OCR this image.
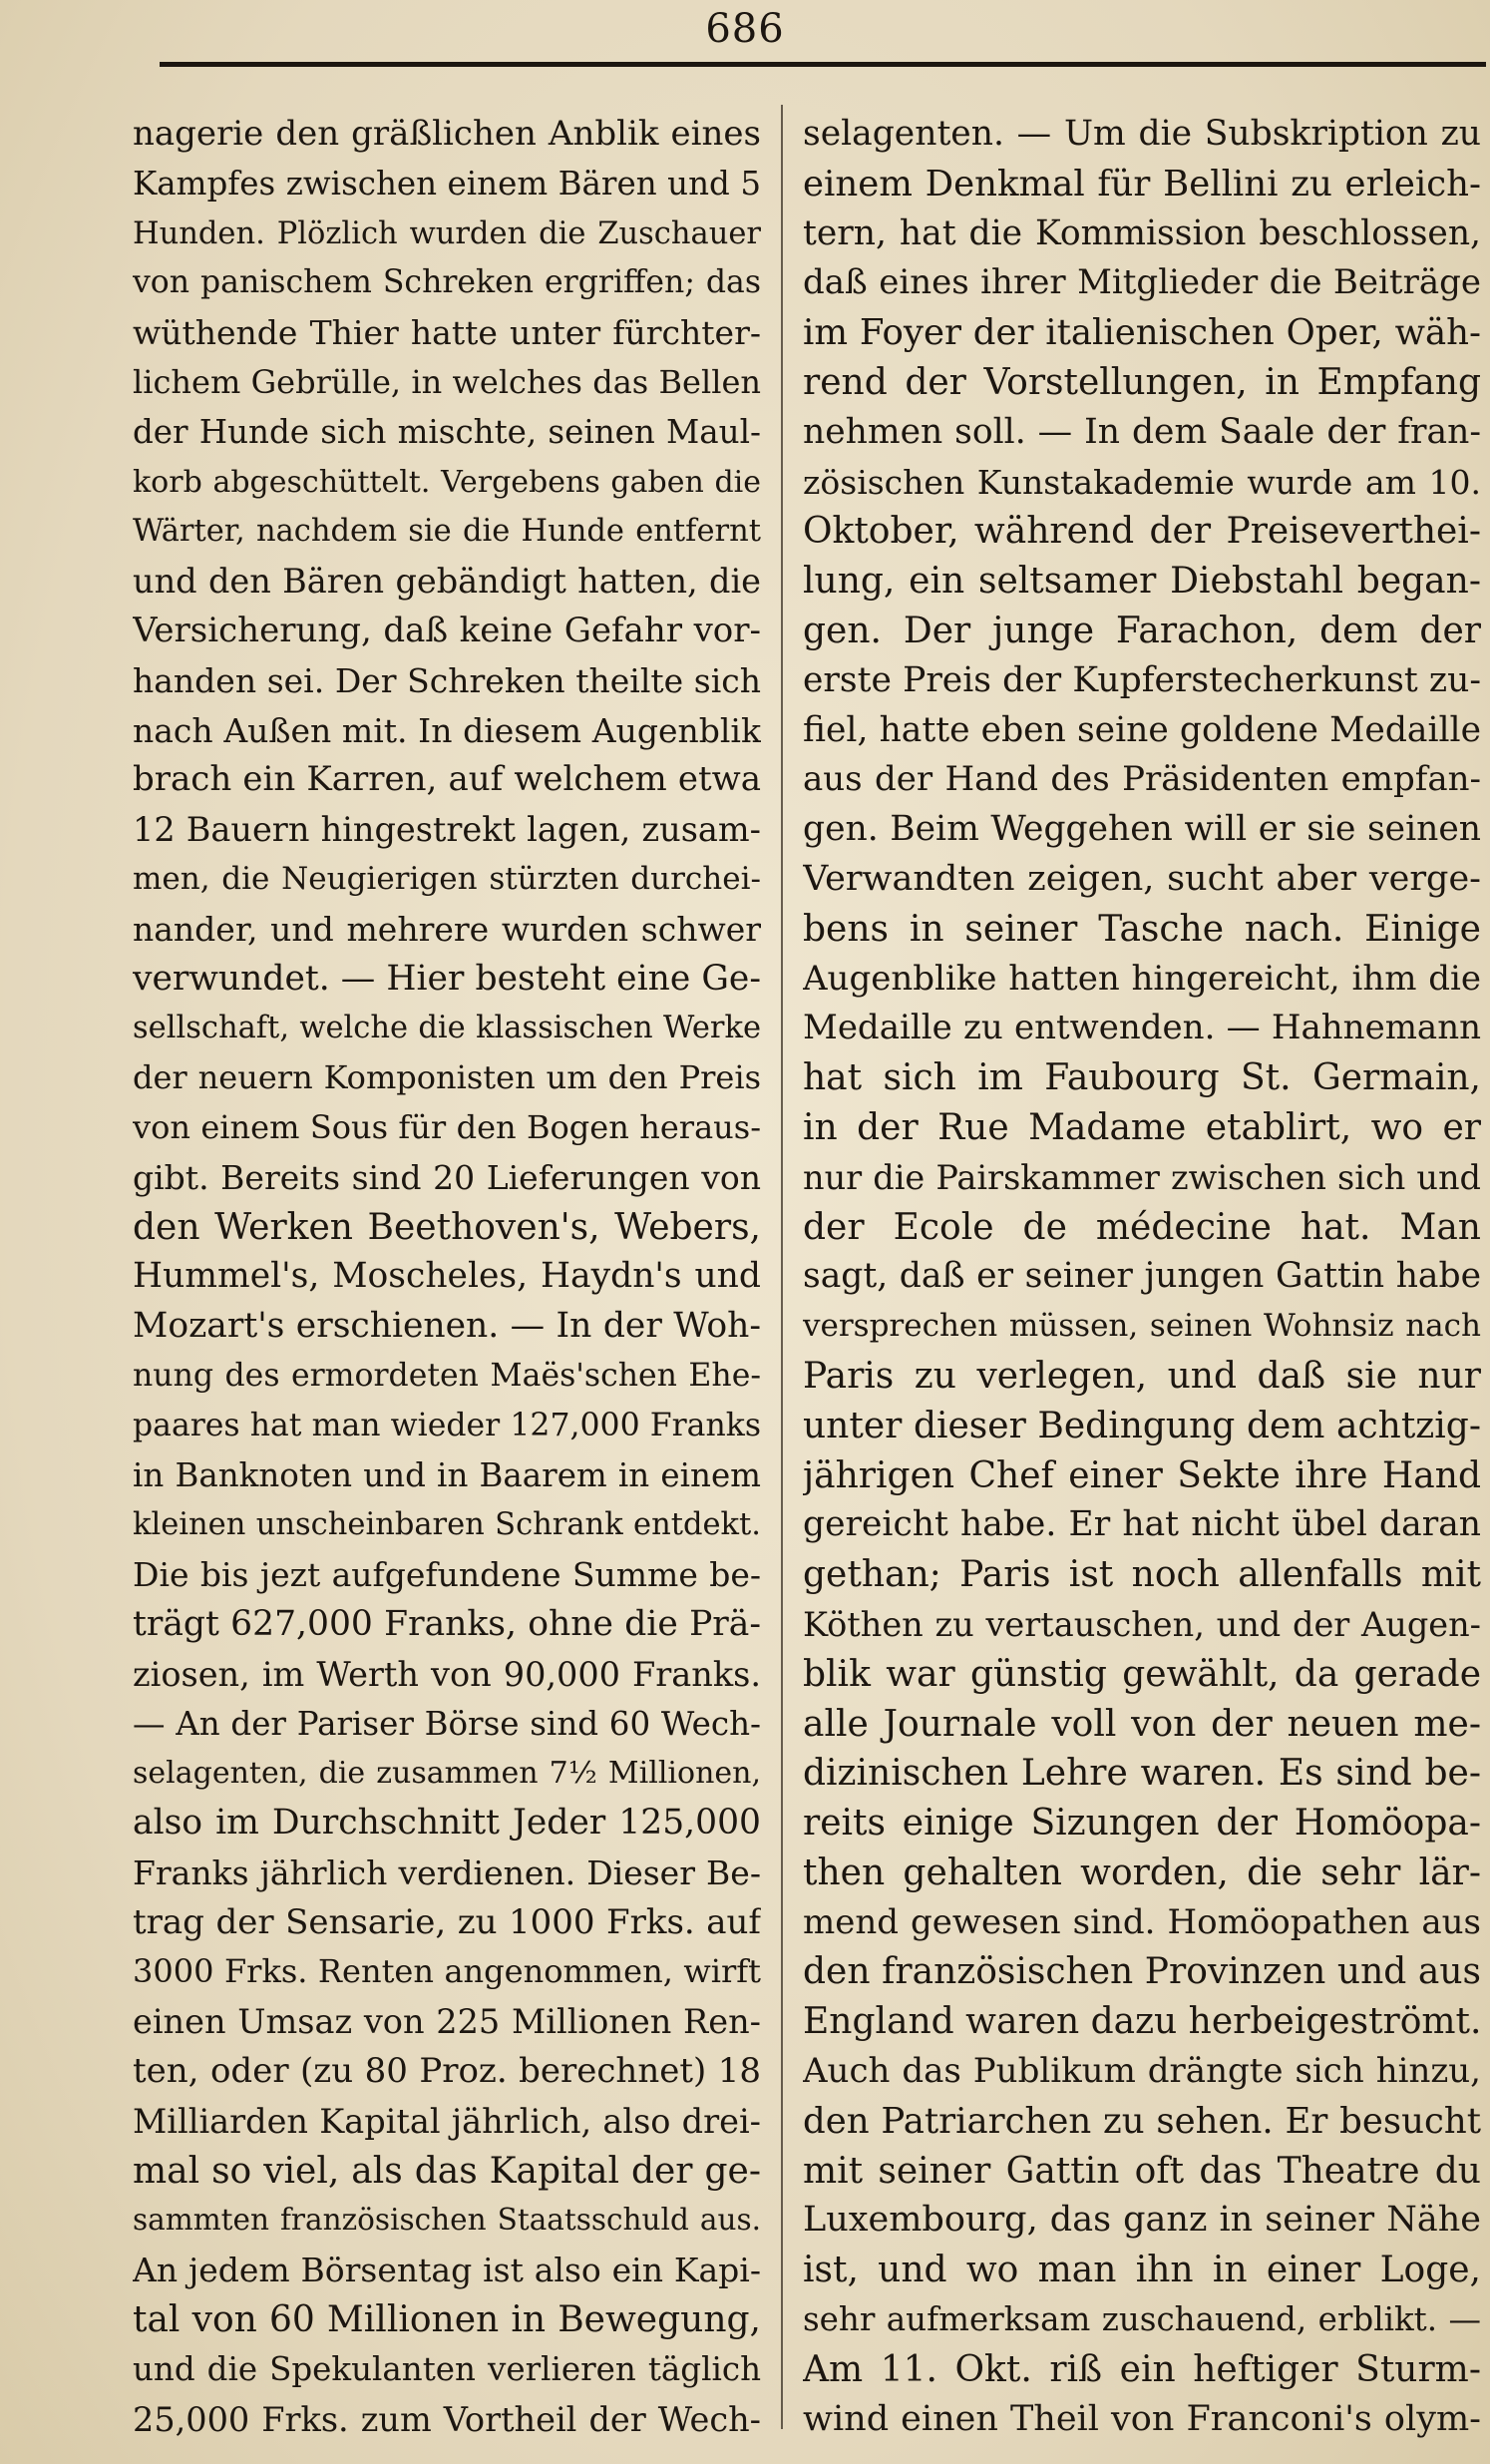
686
nagerie den gräßlichen Anblik eines
Kampfes zwischen einem Bären und 5
Hunden. Plözlich wurden die Zuschauer
von panischem Schreken ergriffen; das
wüthende Thier hatte unter fürchter-
lichem Gebrülle, in welches das Bellen
der Hunde sich mischte, seinen Maul-
korb abgeschüttelt. Vergebens gaben die
Wärter, nachdem sie die Hunde entfernt
und den Bären gebändigt hatten, die
Versicherung, daß keine Gefahr vor-
handen sei. Der Schreken theilte sich
nach Außen mit. In diesem Augenblik
brach ein Karren, auf welchem etwa
12 Bauern hingestrekt lagen, zusam-
men, die Neugierigen stürzten durchei-
nander, und mehrere wurden schwer
verwundet. — Hier besteht eine Ge-
sellschaft, welche die klassischen Werke
der neuern Komponisten um den Preis
von einem Sous für den Bogen heraus-
gibt. Bereits sind 20 Lieferungen von
den Werken Beethoven's, Webers,
Hummel's, Moscheles, Haydn's und
Mozart's erschienen. — In der Woh-
nung des ermordeten Maës'schen Ehe-
paares hat man wieder 127,000 Franks
in Banknoten und in Baarem in einem
kleinen unscheinbaren Schrank entdekt.
Die bis jezt aufgefundene Summe be-
trägt 627,000 Franks, ohne die Prä-
ziosen, im Werth von 90,000 Franks.
— An der Pariser Börse sind 60 Wech-
selagenten, die zusammen 7½ Millionen,
also im Durchschnitt Jeder 125,000
Franks jährlich verdienen. Dieser Be-
trag der Sensarie, zu 1000 Frks. auf
3000 Frks. Renten angenommen, wirft
einen Umsaz von 225 Millionen Ren-
ten, oder (zu 80 Proz. berechnet) 18
Milliarden Kapital jährlich, also drei-
mal so viel, als das Kapital der ge-
sammten französischen Staatsschuld aus.
An jedem Börsentag ist also ein Kapi-
tal von 60 Millionen in Bewegung,
und die Spekulanten verlieren täglich
25,000 Frks. zum Vortheil der Wech-
selagenten. — Um die Subskription zu
einem Denkmal für Bellini zu erleich-
tern, hat die Kommission beschlossen,
daß eines ihrer Mitglieder die Beiträge
im Foyer der italienischen Oper, wäh-
rend der Vorstellungen, in Empfang
nehmen soll. — In dem Saale der fran-
zösischen Kunstakademie wurde am 10.
Oktober, während der Preiseverthei-
lung, ein seltsamer Diebstahl began-
gen. Der junge Farachon, dem der
erste Preis der Kupferstecherkunst zu-
fiel, hatte eben seine goldene Medaille
aus der Hand des Präsidenten empfan-
gen. Beim Weggehen will er sie seinen
Verwandten zeigen, sucht aber verge-
bens in seiner Tasche nach. Einige
Augenblike hatten hingereicht, ihm die
Medaille zu entwenden. — Hahnemann
hat sich im Faubourg St. Germain,
in der Rue Madame etablirt, wo er
nur die Pairskammer zwischen sich und
der Ecole de médecine hat. Man
sagt, daß er seiner jungen Gattin habe
versprechen müssen, seinen Wohnsiz nach
Paris zu verlegen, und daß sie nur
unter dieser Bedingung dem achtzig-
jährigen Chef einer Sekte ihre Hand
gereicht habe. Er hat nicht übel daran
gethan; Paris ist noch allenfalls mit
Köthen zu vertauschen, und der Augen-
blik war günstig gewählt, da gerade
alle Journale voll von der neuen me-
dizinischen Lehre waren. Es sind be-
reits einige Sizungen der Homöopa-
then gehalten worden, die sehr lär-
mend gewesen sind. Homöopathen aus
den französischen Provinzen und aus
England waren dazu herbeigeströmt.
Auch das Publikum drängte sich hinzu,
den Patriarchen zu sehen. Er besucht
mit seiner Gattin oft das Theatre du
Luxembourg, das ganz in seiner Nähe
ist, und wo man ihn in einer Loge,
sehr aufmerksam zuschauend, erblikt. —
Am 11. Okt. riß ein heftiger Sturm-
wind einen Theil von Franconi's olym-
